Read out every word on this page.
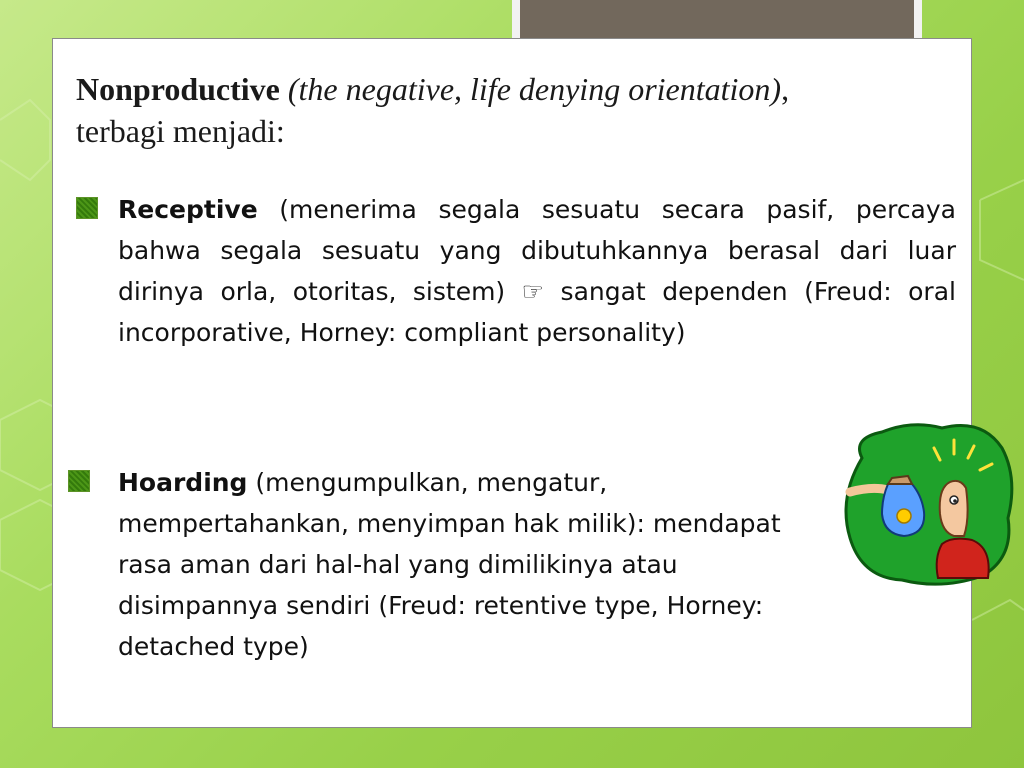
Nonproductive (the negative, life denying orientation),
terbagi menjadi:
Receptive (menerima segala sesuatu secara pasif, percaya bahwa segala sesuatu yang dibutuhkannya berasal dari luar dirinya orla, otoritas, sistem) ☞ sangat dependen (Freud: oral incorporative, Horney: compliant personality)
Hoarding (mengumpulkan, mengatur, mempertahankan, menyimpan hak milik): mendapat rasa aman dari hal-hal yang dimilikinya atau disimpannya sendiri (Freud: retentive type, Horney: detached type)
